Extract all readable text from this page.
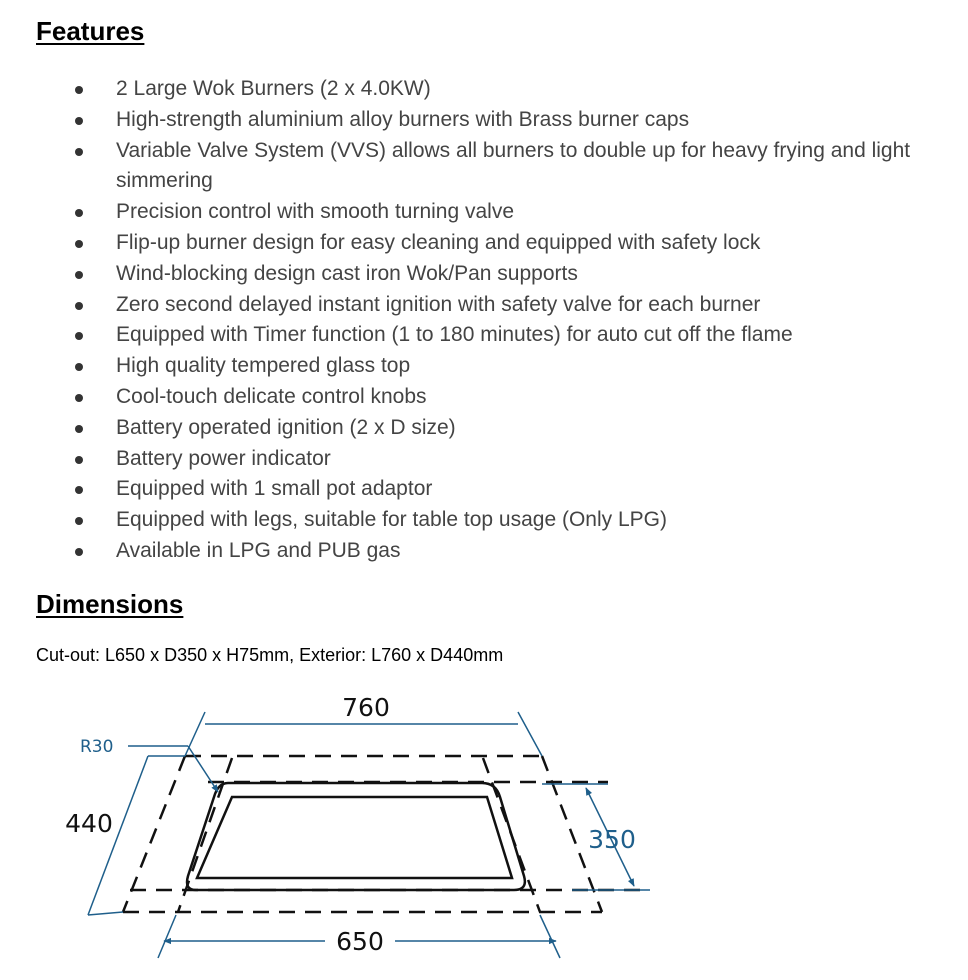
Features
2 Large Wok Burners (2 x 4.0KW)
High-strength aluminium alloy burners with Brass burner caps
Variable Valve System (VVS) allows all burners to double up for heavy frying and light simmering
Precision control with smooth turning valve
Flip-up burner design for easy cleaning and equipped with safety lock
Wind-blocking design cast iron Wok/Pan supports
Zero second delayed instant ignition with safety valve for each burner
Equipped with Timer function (1 to 180 minutes) for auto cut off the flame
High quality tempered glass top
Cool-touch delicate control knobs
Battery operated ignition (2 x D size)
Battery power indicator
Equipped with 1 small pot adaptor
Equipped with legs, suitable for table top usage (Only LPG)
Available in LPG and PUB gas
Dimensions

Cut-out: L650 x D350 x H75mm, Exterior: L760 x D440mm

760
440
R30
350
650
